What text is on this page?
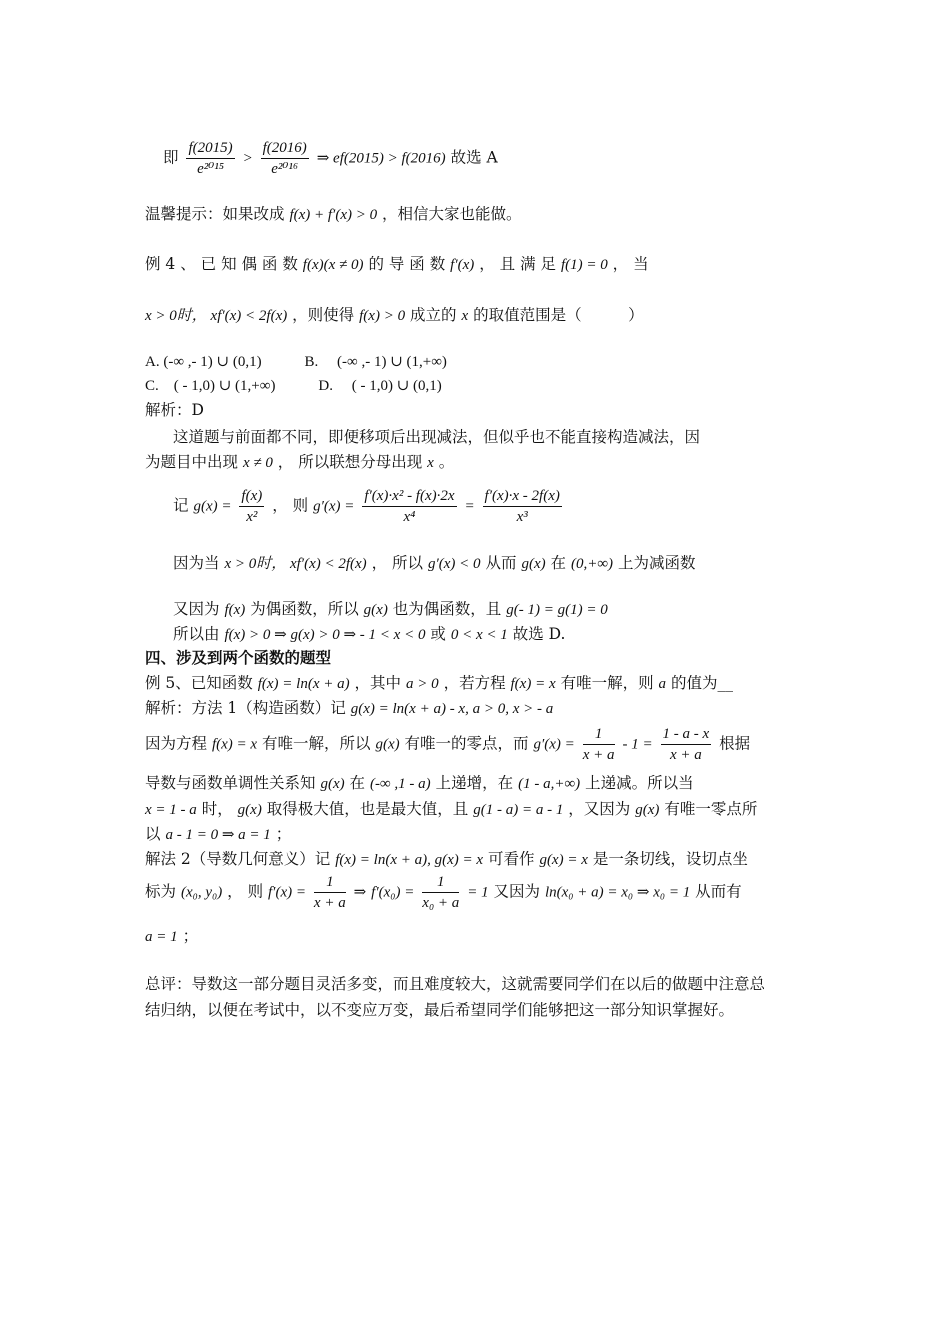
即 $\frac{f(2015)}{\text{e²⁰¹⁵}} > \frac{f(2016)}{\text{e²⁰¹⁶}}$ ⇒ ef(2015) > f(2016) 故选 A
温馨提示：如果改成 f(x) + f′(x) > 0 ，相信大家也能做。
例 4 、 已 知 偶 函 数 f(x)(x ≠ 0) 的 导 函 数 f′(x) ， 且 满 足 f(1) = 0 ， 当
x > 0时， xf′(x) < 2f(x) ，则使得 f(x) > 0 成立的 x 的取值范围是（　　　）
A. (-∞ ,- 1) ∪ (0,1)	B.　 (-∞ ,- 1) ∪ (1,+∞)
C.　( - 1,0) ∪ (1,+∞)	D.　 ( - 1,0) ∪ (0,1)
解析：D
这道题与前面都不同，即便移项后出现减法，但似乎也不能直接构造减法，因
为题目中出现 x ≠ 0 ， 所以联想分母出现 x 。
记 $g(x) = \frac{f(x)}{\text{x²}}$ ， 则 $g'(x) = \frac{\text{f′(x)·x² - f(x)·2x}}{\text{x⁴}} = \frac{f'(x)\cdot x - 2f(x)}{\text{x³}}$
因为当 x > 0时， xf′(x) < 2f(x) ， 所以 g′(x) < 0 从而 g(x) 在 (0,+∞) 上为减函数
又因为 f(x) 为偶函数，所以 g(x) 也为偶函数，且 g(- 1) = g(1) = 0
所以由 f(x) > 0 ⇒ g(x) > 0 ⇒ - 1 < x < 0 或 0 < x < 1 故选 D.
四、涉及到两个函数的题型
例 5、已知函数 f(x) = ln(x + a) ，其中 a > 0 ，若方程 f(x) = x 有唯一解，则 a 的值为__
解析：方法 1（构造函数）记 g(x) = ln(x + a) - x, a > 0, x > - a
因为方程 f(x) = x 有唯一解，所以 g(x) 有唯一的零点，而 $g'(x) = \frac{1}{x + a} - 1 = \frac{1 - a - x}{x + a}$ 根据
导数与函数单调性关系知 g(x) 在 (-∞ ,1 - a) 上递增，在 (1 - a,+∞) 上递减。所以当
x = 1 - a 时， g(x) 取得极大值，也是最大值，且 g(1 - a) = a - 1 ，又因为 g(x) 有唯一零点所
以 a - 1 = 0 ⇒ a = 1 ；
解法 2（导数几何意义）记 f(x) = ln(x + a), g(x) = x 可看作 g(x) = x 是一条切线，设切点坐
标为 (x₀, y₀) ， 则 $f'(x) = \frac{1}{x + a}$ ⇒ $f'(x_0) = \frac{1}{\text{x₀ + a}} = 1$ 又因为 ln(x₀ + a) = x₀ ⇒ x₀ = 1 从而有
a = 1 ；
总评：导数这一部分题目灵活多变，而且难度较大，这就需要同学们在以后的做题中注意总
结归纳，以便在考试中，以不变应万变，最后希望同学们能够把这一部分知识掌握好。
